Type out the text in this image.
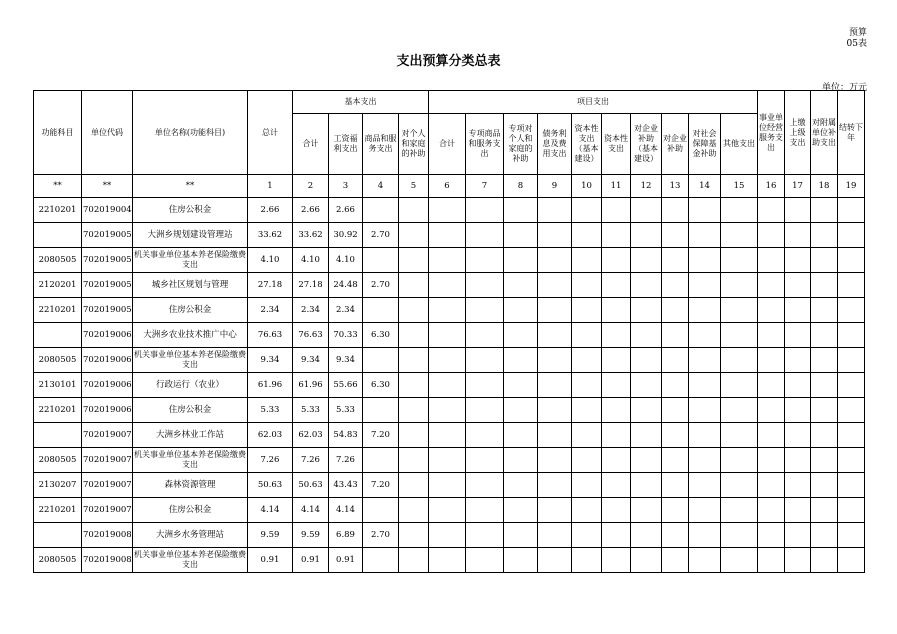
预算
05表
支出预算分类总表
单位：万元
功能科目	单位代码	单位名称(功能科目)	总计	基本支出				项目支出										事业单位经营服务支出	上缴上级支出	对附属单位补助支出	结转下年
				合计	工资福利支出	商品和服务支出	对个人和家庭的补助	合计	专项商品和服务支出	专项对个人和家庭的补助	债务利息及费用支出	资本性支出（基本建设）	资本性支出	对企业补助（基本建设）	对企业补助	对社会保障基金补助	其他支出				
**	**	**	1	2	3	4	5	6	7	8	9	10	11	12	13	14	15	16	17	18	19
2210201	702019004	住房公积金	2.66	2.66	2.66																
	702019005	大洲乡规划建设管理站	33.62	33.62	30.92	2.70															
2080505	702019005	机关事业单位基本养老保险缴费支出	4.10	4.10	4.10																
2120201	702019005	城乡社区规划与管理	27.18	27.18	24.48	2.70															
2210201	702019005	住房公积金	2.34	2.34	2.34																
	702019006	大洲乡农业技术推广中心	76.63	76.63	70.33	6.30															
2080505	702019006	机关事业单位基本养老保险缴费支出	9.34	9.34	9.34																
2130101	702019006	行政运行（农业）	61.96	61.96	55.66	6.30															
2210201	702019006	住房公积金	5.33	5.33	5.33																
	702019007	大洲乡林业工作站	62.03	62.03	54.83	7.20															
2080505	702019007	机关事业单位基本养老保险缴费支出	7.26	7.26	7.26																
2130207	702019007	森林资源管理	50.63	50.63	43.43	7.20															
2210201	702019007	住房公积金	4.14	4.14	4.14																
	702019008	大洲乡水务管理站	9.59	9.59	6.89	2.70															
2080505	702019008	机关事业单位基本养老保险缴费支出	0.91	0.91	0.91																
